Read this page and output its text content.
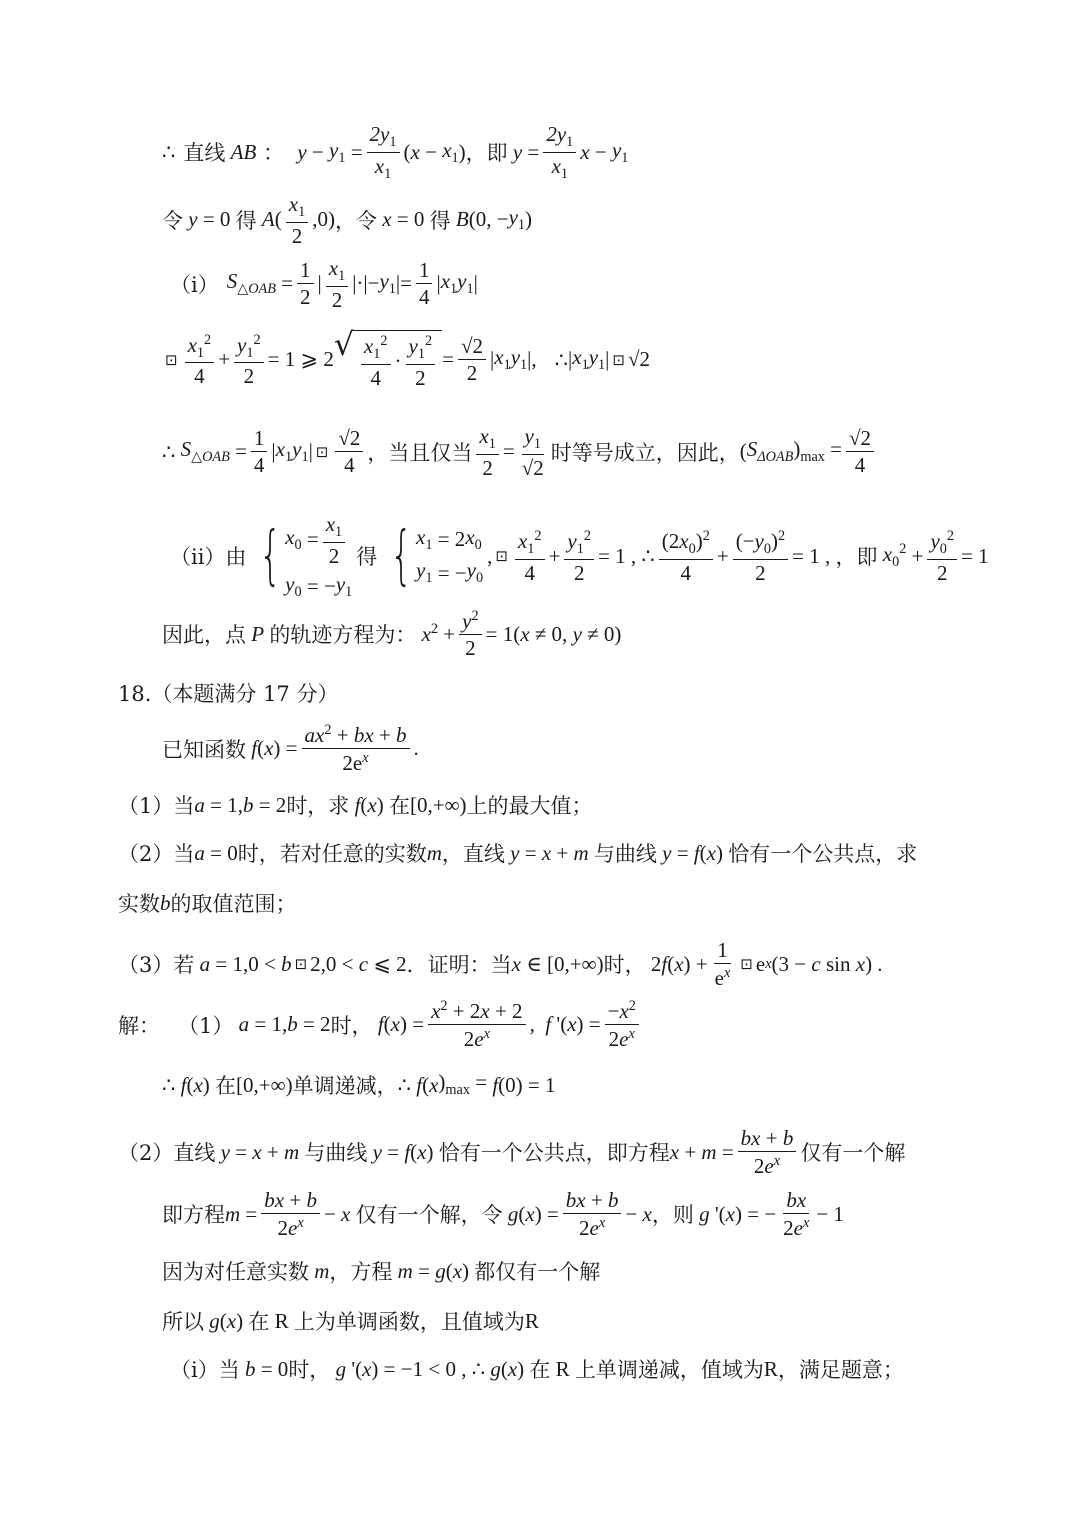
∴ 直线 AB ： $y - y_1 = \frac{2y_1}{x_1}$ ( $x - x_1$ ) ，即 $y = \frac{2y_1}{x_1}$ $x - y_1$
令 y = 0 得 A ( $\frac{x_1}{2} ,0$) ， 令 x = 0 得 B (0, − $y_1$ )
（i） $S_{\triangle OAB} = \frac{1}{2}$ | $\frac{x_1}{2}$ |·|− $y_1$ |= $\frac{1}{4}$ | $x_1y_1$ |
⊡ $\frac{x_1^2}{4} + \frac{y_1^2}{2} = 1$ ⩾ 2 √ $\frac{x_1^2}{4} \cdot \frac{y_1^2}{2} = \frac{√2}{2}$ | $x_1y_1$ | , ∴ | $x_1y_1$ | ⊡ √2
∴ $S_{\triangle OAB} = \frac{1}{4}$ | $x_1y_1$ | ⊡ $\frac{√2}{4}$ ，当且仅当 $\frac{x_1}{2} = \frac{y_1}{√2}$ 时等号成立，因此， ( $S_{\Delta OAB}$ )$_{max} = \frac{√2}{4}$
（ii）由 { $x_0 = \frac{x_1}{2}$
$y_0$ = − $y_1$
得 { $x_1 = 2$ $x_0$
$y_1$ = − $y_0$
, ⊡ $\frac{x_1^2}{4} + \frac{y_1^2}{2} = 1$ , ∴ $\frac{(2x_0)^2}{4} + \frac{(-y_0)^2}{2} = 1$ , ，即 $x_0^2 + \frac{y_0^2}{2} = 1$
因此，点 P 的轨迹方程为： $x^2 + \frac{y^2}{2} = 1$( x ≠ 0, y ≠ 0)
18.（本题满分 17 分）
已知函数 f ( x ) = $\frac{ax^2 + bx + b}{2e^x}$ .
（1）当 a = 1, b = 2 时，求 f ( x ) 在 [0,+∞) 上的最大值；
（2）当 a = 0 时，若对任意的实数 m ，直线 y = x + m 与曲线 y = f ( x ) 恰有一个公共点，求
实数 b 的取值范围；
（3）若 a = 1,0 < b ⊡ 2,0 < c ⩽ 2 ．证明：当 x ∈ [0,+∞) 时， 2 f ( x ) + $\frac{1}{e^x}$ ⊡ e x (3 − c sin x ) .
解： （1） a = 1, b = 2 时， f ( x ) = $\frac{x^2 + 2x + 2}{2e^x}$ , f '( x ) = $\frac{-x^2}{2e^x}$
∴ f ( x ) 在 [0,+∞) 单调递减， ∴ f ( x )$_{max} = f$ (0) = 1
（2）直线 y = x + m 与曲线 y = f ( x ) 恰有一个公共点，即方程 $x + m = \frac{bx + b}{2e^x}$ 仅有一个解
即方程 $m = \frac{bx + b}{2e^x} - x$ 仅有一个解，令 g ( x ) = $\frac{bx + b}{2e^x} - x$ ，则 g '( x ) = − $\frac{bx}{2e^x} - 1$
因为对任意实数 m ，方程 m = g ( x ) 都仅有一个解
所以 g ( x ) 在
R
上为单调函数，且值域为 R
（i）当 b = 0 时， g '( x ) = −1 < 0 , ∴ g ( x ) 在
R
上单调递减，值域为 R ，满足题意；
